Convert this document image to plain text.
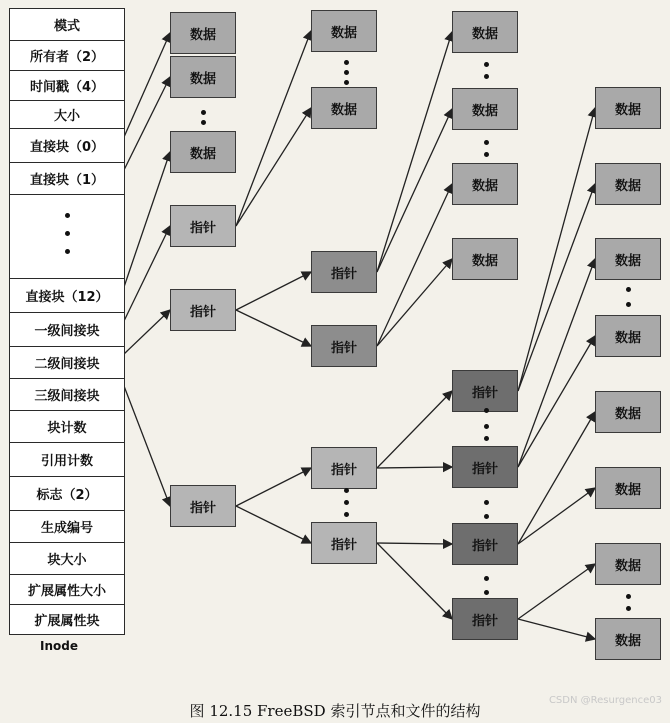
模式
所有者（2）
时间戳（4）
大小
直接块（0）
直接块（1）
直接块（12）
一级间接块
二级间接块
三级间接块
块计数
引用计数
标志（2）
生成编号
块大小
扩展属性大小
扩展属性块
Inode
数据
数据
数据
指针
指针
指针
数据
数据
指针
指针
指针
指针
数据
数据
数据
数据
指针
指针
指针
指针
数据
数据
数据
数据
数据
数据
数据
数据
图 12.15 FreeBSD 索引节点和文件的结构
CSDN @Resurgence03
